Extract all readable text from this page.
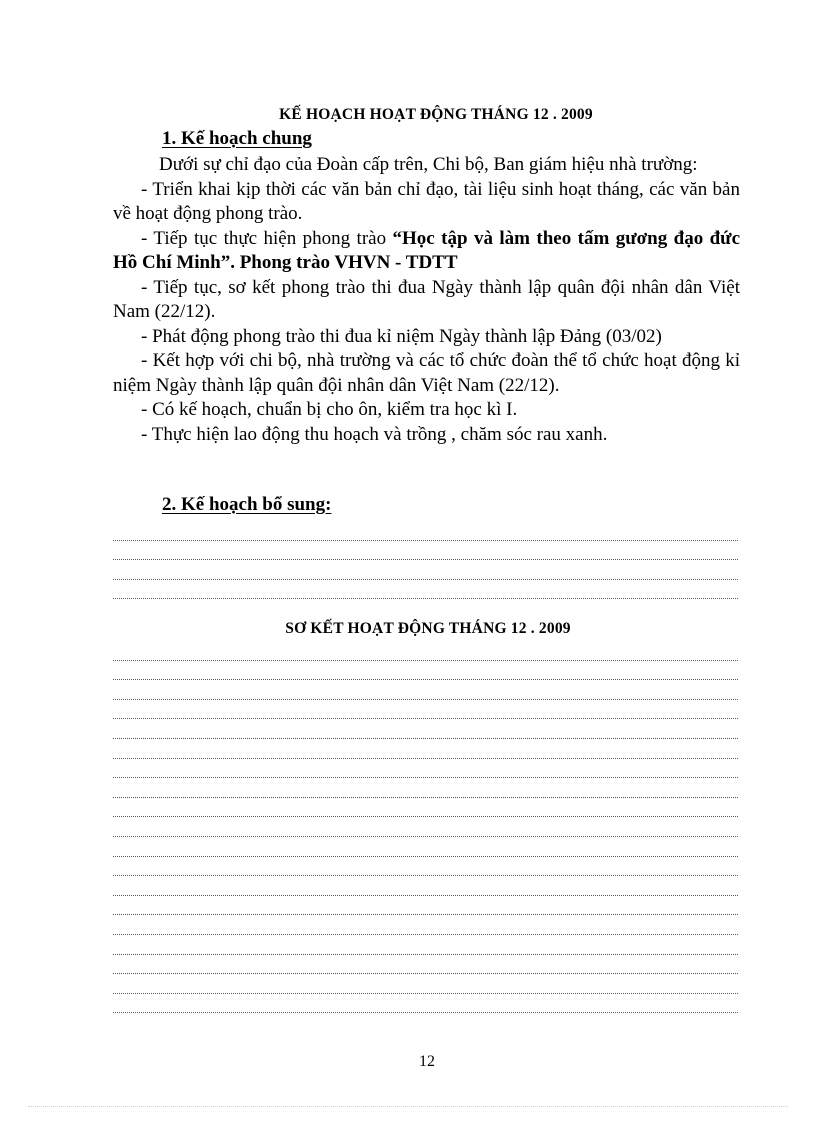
KẾ HOẠCH HOẠT ĐỘNG THÁNG 12 . 2009
1. Kế hoạch chung

Dưới sự chỉ đạo của Đoàn cấp trên, Chi bộ, Ban giám hiệu nhà trường:

- Triển khai kịp thời các văn bản chỉ đạo, tài liệu sinh hoạt tháng, các văn bản về hoạt động phong trào.

- Tiếp tục thực hiện phong trào “Học tập và làm theo tấm gương đạo đức Hồ Chí Minh”. Phong trào VHVN - TDTT

- Tiếp tục, sơ kết phong trào thi đua Ngày thành lập quân đội nhân dân Việt Nam (22/12).

- Phát động phong trào thi đua kỉ niệm Ngày thành lập Đảng (03/02)

- Kết hợp với chi bộ, nhà trường và các tổ chức đoàn thể tổ chức hoạt động kỉ niệm Ngày thành lập quân đội nhân dân Việt Nam (22/12).

- Có kế hoạch, chuẩn bị cho ôn, kiểm tra học kì I.

- Thực hiện lao động thu hoạch và trồng , chăm sóc rau xanh.

2. Kế hoạch bổ sung:
SƠ KẾT HOẠT ĐỘNG THÁNG 12 . 2009
12
